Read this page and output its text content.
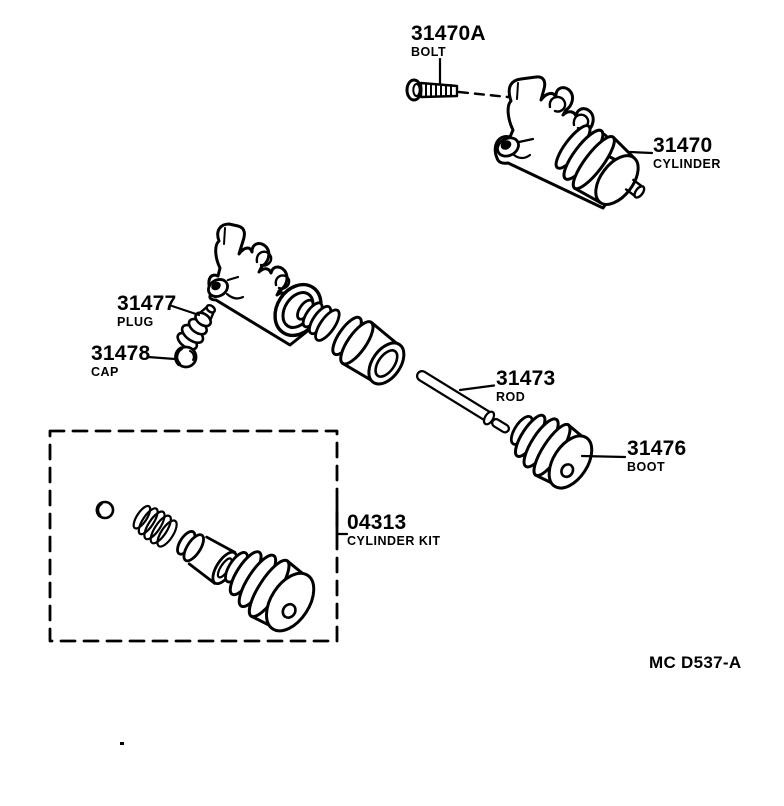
31470A
BOLT
31470
CYLINDER
31477
PLUG
31478
CAP	31473
ROD
31476
BOOT
04313
CYLINDER KIT
MC D537-A
